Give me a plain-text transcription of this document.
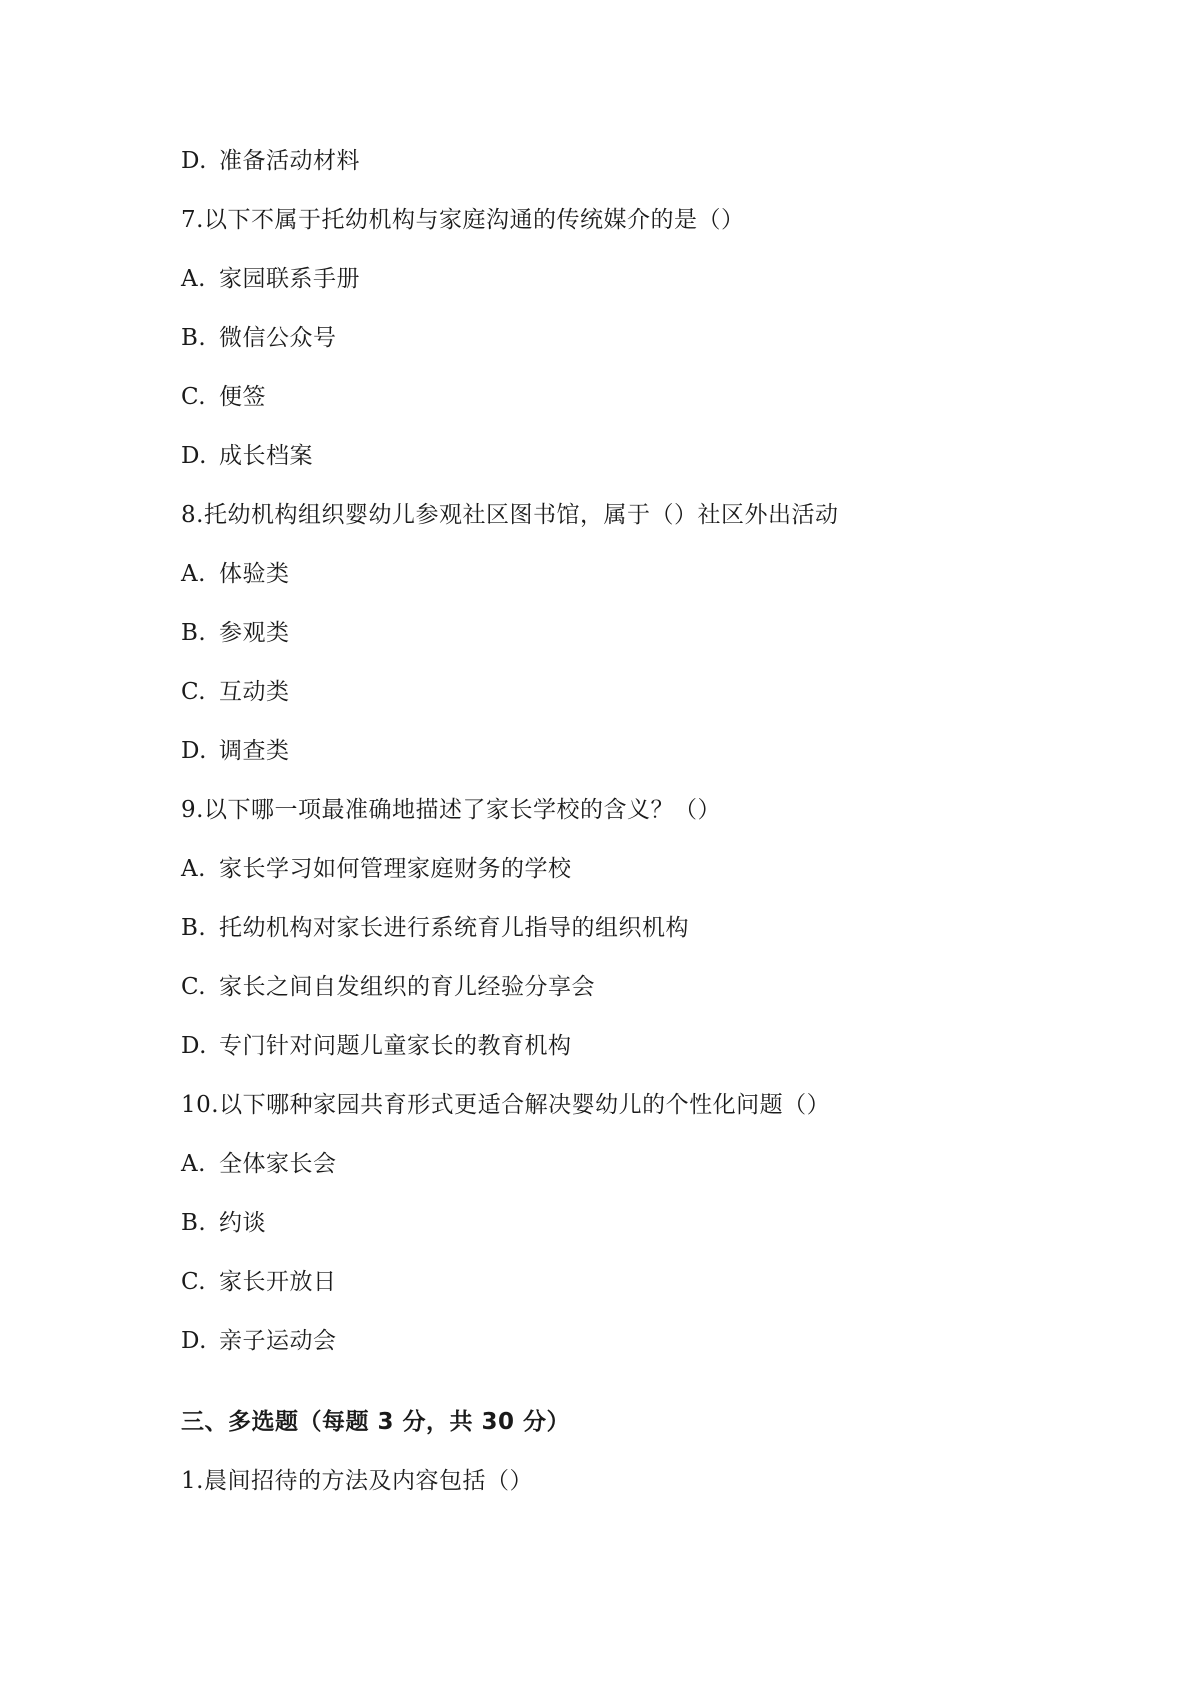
D. 准备活动材料
7.以下不属于托幼机构与家庭沟通的传统媒介的是（）
A. 家园联系手册
B. 微信公众号
C. 便签
D. 成长档案
8.托幼机构组织婴幼儿参观社区图书馆，属于（）社区外出活动
A. 体验类
B. 参观类
C. 互动类
D. 调查类
9.以下哪一项最准确地描述了家长学校的含义？（）
A. 家长学习如何管理家庭财务的学校
B. 托幼机构对家长进行系统育儿指导的组织机构
C. 家长之间自发组织的育儿经验分享会
D. 专门针对问题儿童家长的教育机构
10.以下哪种家园共育形式更适合解决婴幼儿的个性化问题（）
A. 全体家长会
B. 约谈
C. 家长开放日
D. 亲子运动会
三、多选题（每题 3 分，共 30 分）
1.晨间招待的方法及内容包括（）
